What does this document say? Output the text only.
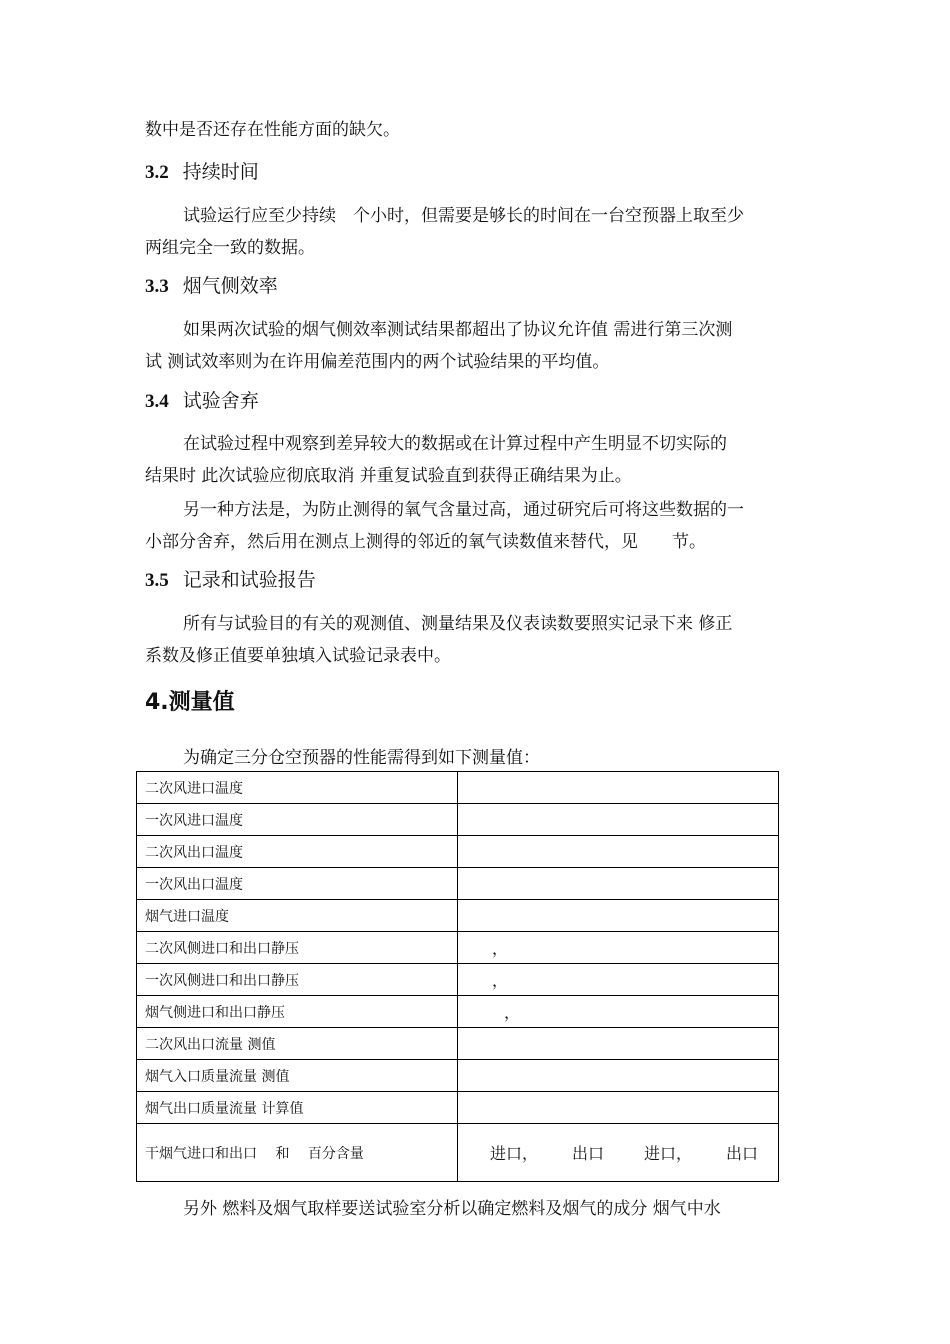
数中是否还存在性能方面的缺欠。
3.2 持续时间
试验运行应至少持续　个小时，但需要是够长的时间在一台空预器上取至少
两组完全一致的数据。
3.3 烟气侧效率
如果两次试验的烟气侧效率测试结果都超出了协议允许值 需进行第三次测
试 测试效率则为在许用偏差范围内的两个试验结果的平均值。
3.4 试验舍弃
在试验过程中观察到差异较大的数据或在计算过程中产生明显不切实际的
结果时 此次试验应彻底取消 并重复试验直到获得正确结果为止。
另一种方法是，为防止测得的氧气含量过高，通过研究后可将这些数据的一
小部分舍弃，然后用在测点上测得的邻近的氧气读数值来替代，见　　节。
3.5 记录和试验报告
所有与试验目的有关的观测值、测量结果及仪表读数要照实记录下来 修正
系数及修正值要单独填入试验记录表中。
4.测量值
为确定三分仓空预器的性能需得到如下测量值：
二次风进口温度	
一次风进口温度	
二次风出口温度	
一次风出口温度	
烟气进口温度	
二次风侧进口和出口静压	，
一次风侧进口和出口静压	，
烟气侧进口和出口静压	，
二次风出口流量 测值	
烟气入口质量流量 测值	
烟气出口质量流量 计算值	
干烟气进口和出口　 和　 百分含量	进口， 出口 进口， 出口
另外 燃料及烟气取样要送试验室分析以确定燃料及烟气的成分 烟气中水
